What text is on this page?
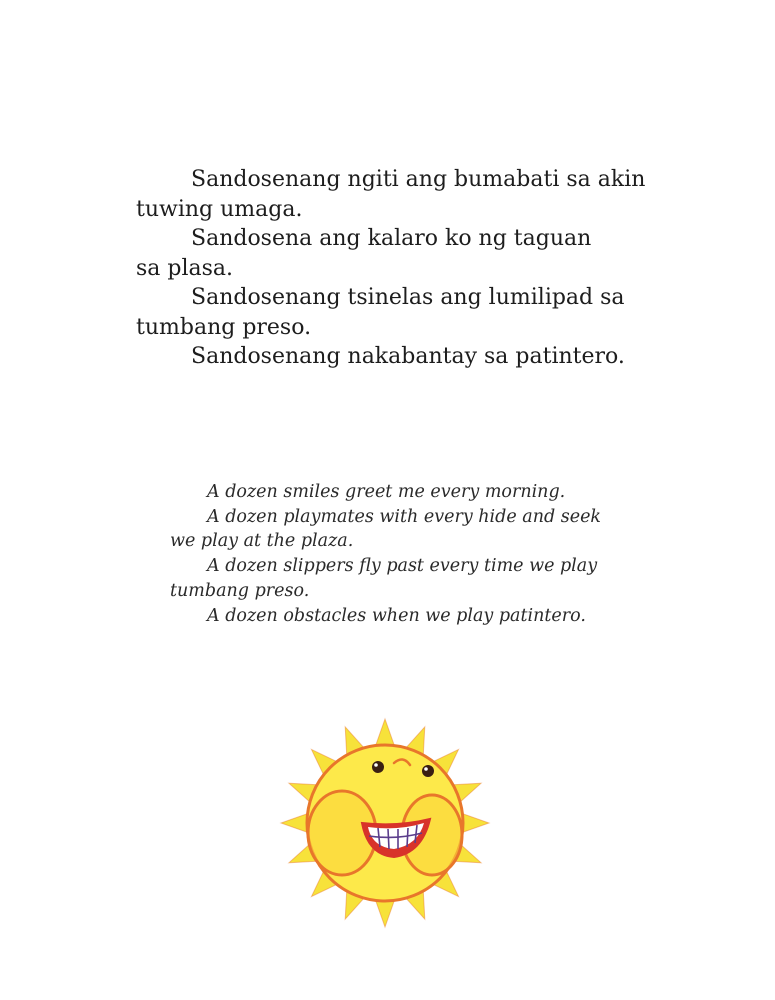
Sandosenang ngiti ang bumabati sa akin
tuwing umaga.
Sandosena ang kalaro ko ng taguan
sa plasa.
Sandosenang tsinelas ang lumilipad sa
tumbang preso.
Sandosenang nakabantay sa patintero.
A dozen smiles greet me every morning.
A dozen playmates with every hide and seek
we play at the plaza.
A dozen slippers fly past every time we play
tumbang preso.
A dozen obstacles when we play patintero.
